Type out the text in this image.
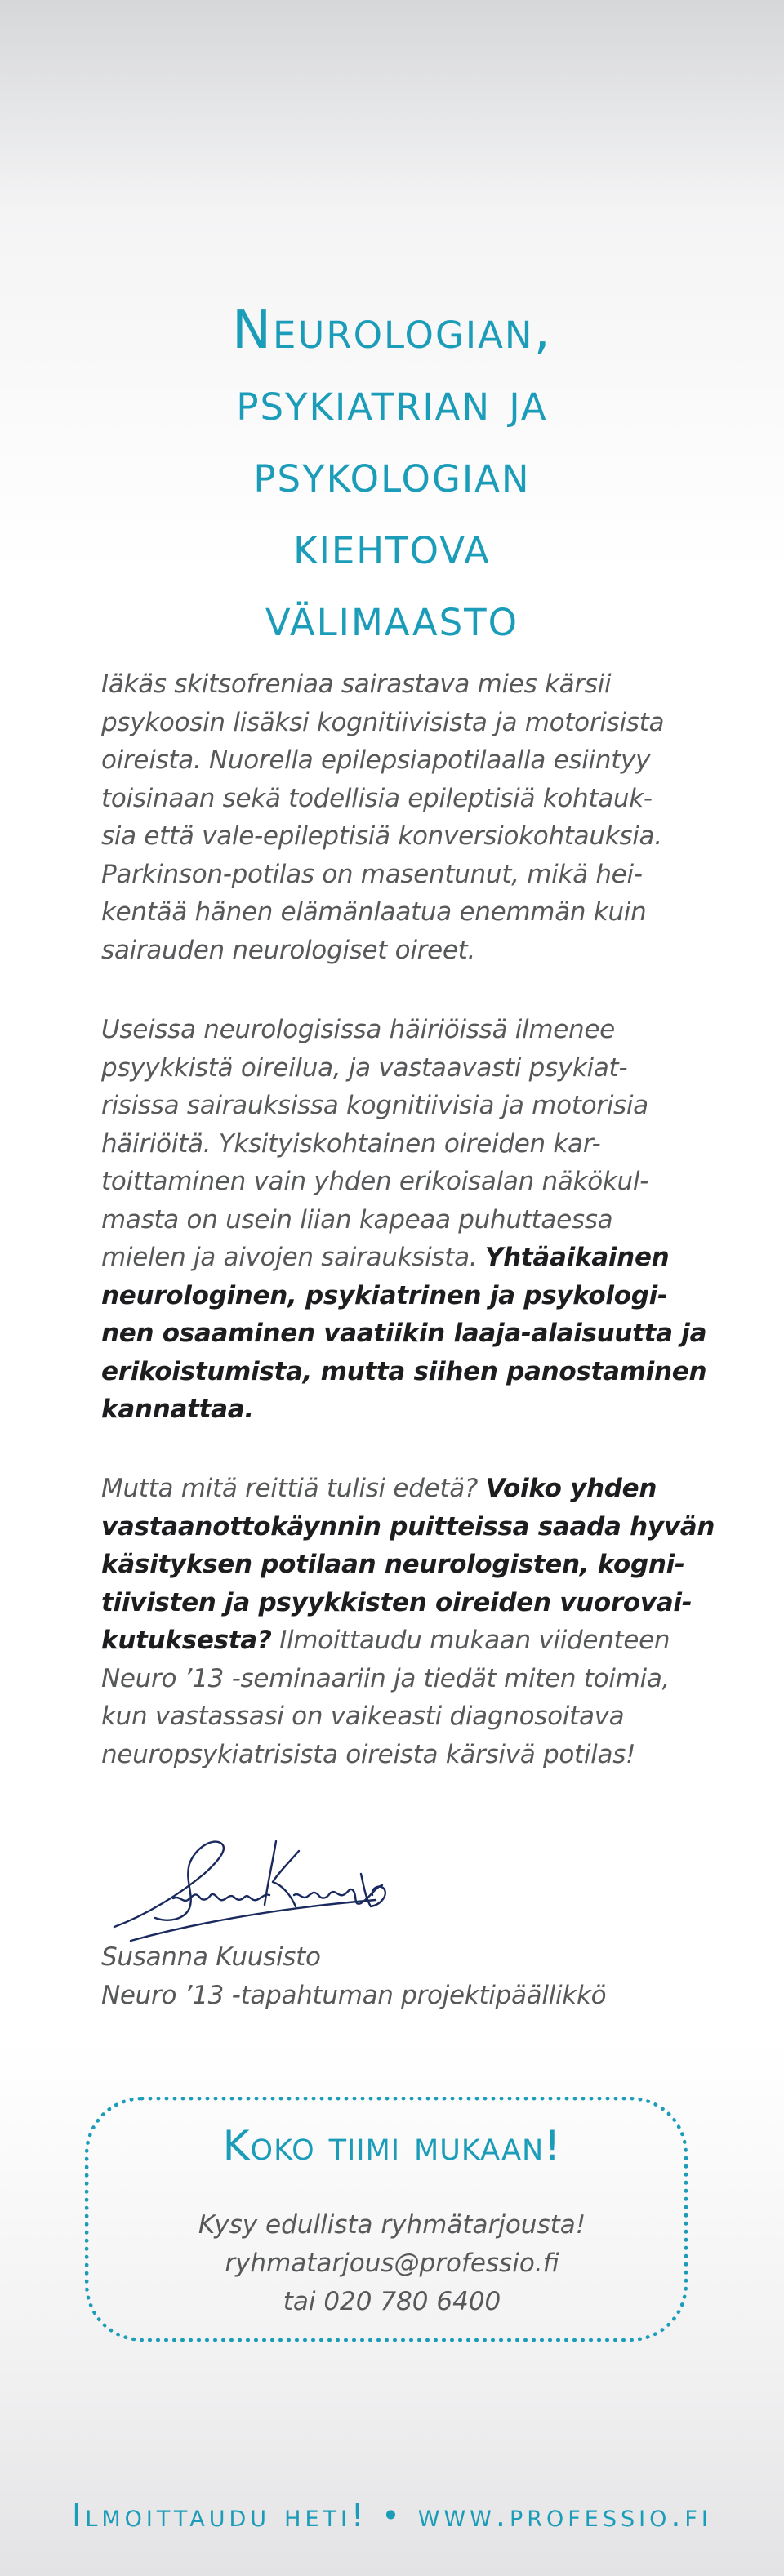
Neurologian,
psykiatrian ja
psykologian
kiehtova
välimaasto
Iäkäs skitsofreniaa sairastava mies kärsii
psykoosin lisäksi kognitiivisista ja motorisista
oireista. Nuorella epilepsiapotilaalla esiintyy
toisinaan sekä todellisia epileptisiä kohtauk-
sia että vale-epileptisiä konversiokohtauksia.
Parkinson-potilas on masentunut, mikä hei-
kentää hänen elämänlaatua enemmän kuin
sairauden neurologiset oireet.
Useissa neurologisissa häiriöissä ilmenee
psyykkistä oireilua, ja vastaavasti psykiat-
risissa sairauksissa kognitiivisia ja motorisia
häiriöitä. Yksityiskohtainen oireiden kar-
toittaminen vain yhden erikoisalan näkökul-
masta on usein liian kapeaa puhuttaessa
mielen ja aivojen sairauksista. Yhtäaikainen
neurologinen, psykiatrinen ja psykologi-
nen osaaminen vaatiikin laaja-alaisuutta ja
erikoistumista, mutta siihen panostaminen
kannattaa.
Mutta mitä reittiä tulisi edetä? Voiko yhden
vastaanottokäynnin puitteissa saada hyvän
käsityksen potilaan neurologisten, kogni-
tiivisten ja psyykkisten oireiden vuorovai-
kutuksesta? Ilmoittaudu mukaan viidenteen
Neuro ’13 -seminaariin ja tiedät miten toimia,
kun vastassasi on vaikeasti diagnosoitava
neuropsykiatrisista oireista kärsivä potilas!
Susanna Kuusisto
Neuro ’13 -tapahtuman projektipäällikkö
Koko tiimi mukaan!
Kysy edullista ryhmätarjousta!
ryhmatarjous@professio.fi
tai 020 780 6400
Ilmoittaudu heti! • www.professio.fi
